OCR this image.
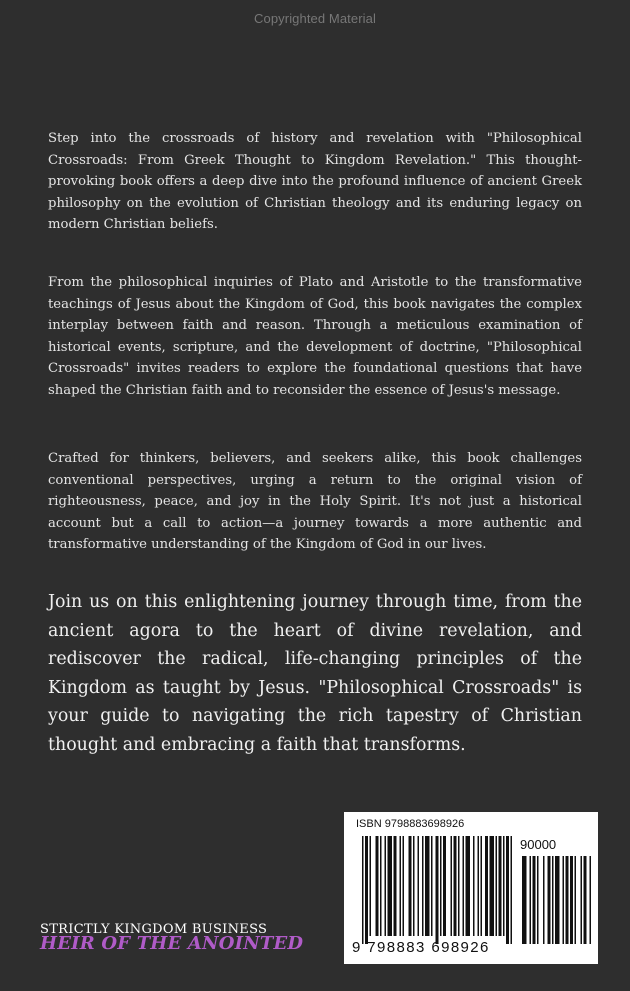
Copyrighted Material

Step into the crossroads of history and revelation with "Philosophical Crossroads: From Greek Thought to Kingdom Revelation." This thought-provoking book offers a deep dive into the profound influence of ancient Greek philosophy on the evolution of Christian theology and its enduring legacy on modern Christian beliefs.

From the philosophical inquiries of Plato and Aristotle to the transformative teachings of Jesus about the Kingdom of God, this book navigates the complex interplay between faith and reason. Through a meticulous examination of historical events, scripture, and the development of doctrine, "Philosophical Crossroads" invites readers to explore the foundational questions that have shaped the Christian faith and to reconsider the essence of Jesus's message.

Crafted for thinkers, believers, and seekers alike, this book challenges conventional perspectives, urging a return to the original vision of righteousness, peace, and joy in the Holy Spirit. It's not just a historical account but a call to action—a journey towards a more authentic and transformative understanding of the Kingdom of God in our lives.

Join us on this enlightening journey through time, from the ancient agora to the heart of divine revelation, and rediscover the radical, life-changing principles of the Kingdom as taught by Jesus. "Philosophical Crossroads" is your guide to navigating the rich tapestry of Christian thought and embracing a faith that transforms.

ISBN 9798883698926
90000
9 798883 698926
STRICTLY KINGDOM BUSINESS
HEIR OF THE ANOINTED
